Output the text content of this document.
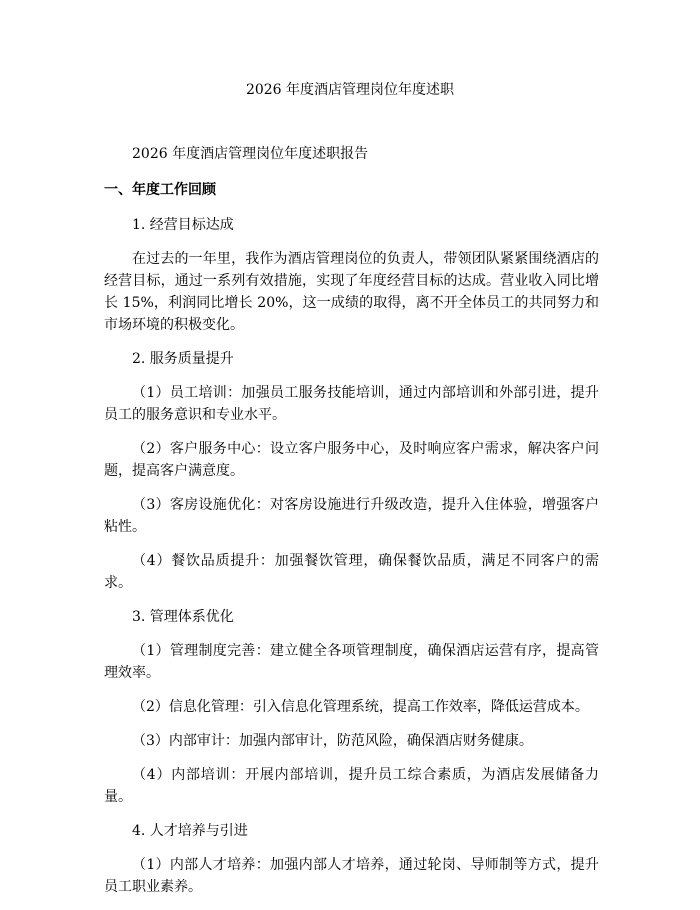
2026 年度酒店管理岗位年度述职
2026 年度酒店管理岗位年度述职报告
一、年度工作回顾
1. 经营目标达成

在过去的一年里，我作为酒店管理岗位的负责人，带领团队紧紧围绕酒店的经营目标，通过一系列有效措施，实现了年度经营目标的达成。营业收入同比增长 15%，利润同比增长 20%，这一成绩的取得，离不开全体员工的共同努力和市场环境的积极变化。

2. 服务质量提升

（1）员工培训：加强员工服务技能培训，通过内部培训和外部引进，提升员工的服务意识和专业水平。

（2）客户服务中心：设立客户服务中心，及时响应客户需求，解决客户问题，提高客户满意度。

（3）客房设施优化：对客房设施进行升级改造，提升入住体验，增强客户粘性。

（4）餐饮品质提升：加强餐饮管理，确保餐饮品质，满足不同客户的需求。

3. 管理体系优化

（1）管理制度完善：建立健全各项管理制度，确保酒店运营有序，提高管理效率。

（2）信息化管理：引入信息化管理系统，提高工作效率，降低运营成本。

（3）内部审计：加强内部审计，防范风险，确保酒店财务健康。

（4）内部培训：开展内部培训，提升员工综合素质，为酒店发展储备力量。

4. 人才培养与引进

（1）内部人才培养：加强内部人才培养，通过轮岗、导师制等方式，提升员工职业素养。
